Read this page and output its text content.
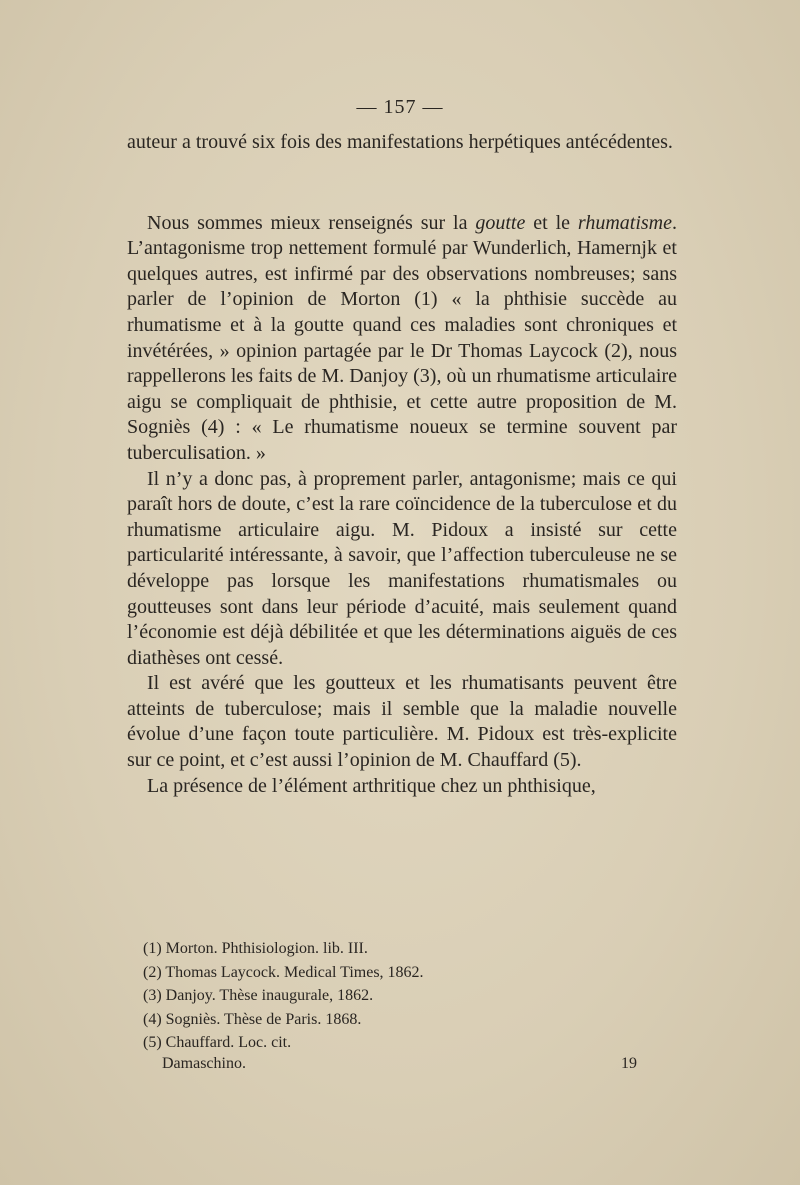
— 157 —

auteur a trouvé six fois des manifestations herpétiques antécédentes.

Nous sommes mieux renseignés sur la goutte et le rhumatisme. L’antagonisme trop nettement formulé par Wunderlich, Hamernjk et quelques autres, est infirmé par des observations nombreuses; sans parler de l’opinion de Morton (1) « la phthisie succède au rhumatisme et à la goutte quand ces maladies sont chroniques et invétérées, » opinion partagée par le Dr Thomas Laycock (2), nous rappellerons les faits de M. Danjoy (3), où un rhumatisme articulaire aigu se compliquait de phthisie, et cette autre proposition de M. Sogniès (4) : « Le rhumatisme noueux se termine souvent par tuberculisation. »

Il n’y a donc pas, à proprement parler, antagonisme; mais ce qui paraît hors de doute, c’est la rare coïncidence de la tuberculose et du rhumatisme articulaire aigu. M. Pidoux a insisté sur cette particularité intéressante, à savoir, que l’affection tuberculeuse ne se développe pas lorsque les manifestations rhumatismales ou goutteuses sont dans leur période d’acuité, mais seulement quand l’économie est déjà débilitée et que les déterminations aiguës de ces diathèses ont cessé.

Il est avéré que les goutteux et les rhumatisants peuvent être atteints de tuberculose; mais il semble que la maladie nouvelle évolue d’une façon toute particulière. M. Pidoux est très-explicite sur ce point, et c’est aussi l’opinion de M. Chauffard (5).

La présence de l’élément arthritique chez un phthisique,

(1) Morton. Phthisiologion. lib. III.
(2) Thomas Laycock. Medical Times, 1862.
(3) Danjoy. Thèse inaugurale, 1862.
(4) Sogniès. Thèse de Paris. 1868.
(5) Chauffard. Loc. cit.
Damaschino.	19
